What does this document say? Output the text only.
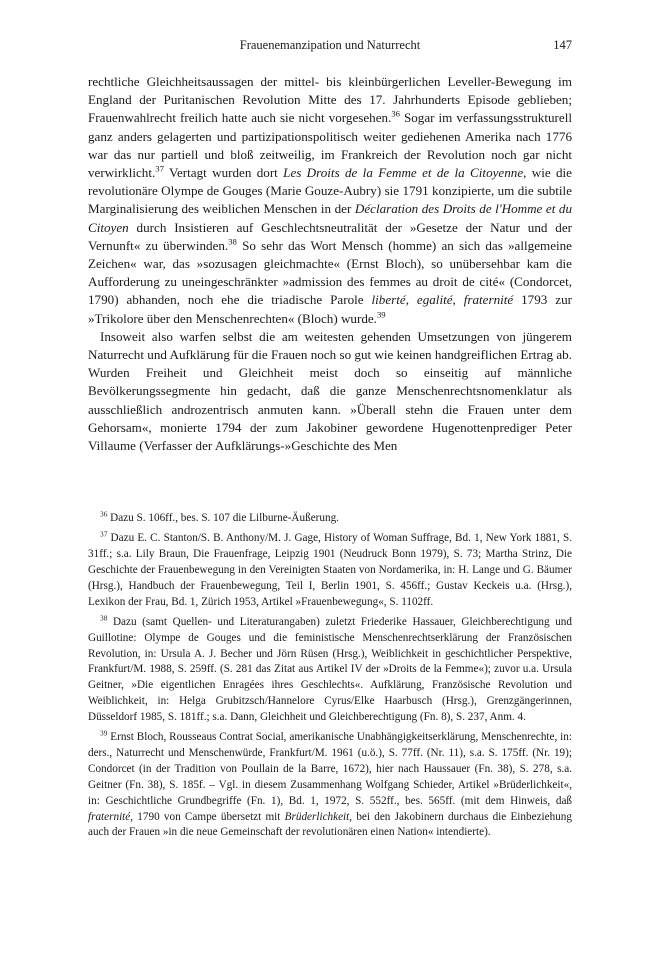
Frauenemanzipation und Naturrecht	147

rechtliche Gleichheitsaussagen der mittel- bis kleinbürgerlichen Leveller-Bewegung im England der Puritanischen Revolution Mitte des 17. Jahrhunderts Episode geblieben; Frauenwahlrecht freilich hatte auch sie nicht vorgesehen.$^{36}$ Sogar im verfassungsstrukturell ganz anders gelagerten und partizipationspolitisch weiter gediehenen Amerika nach 1776 war das nur partiell und bloß zeitweilig, im Frankreich der Revolution noch gar nicht verwirklicht.$^{37}$ Vertagt wurden dort Les Droits de la Femme et de la Citoyenne, wie die revolutionäre Olympe de Gouges (Marie Gouze-Aubry) sie 1791 konzipierte, um die subtile Marginalisierung des weiblichen Menschen in der Déclaration des Droits de l'Homme et du Citoyen durch Insistieren auf Geschlechtsneutralität der »Gesetze der Natur und der Vernunft« zu überwinden.$^{38}$ So sehr das Wort Mensch (homme) an sich das »allgemeine Zeichen« war, das »sozusagen gleichmachte« (Ernst Bloch), so unübersehbar kam die Aufforderung zu uneingeschränkter »admission des femmes au droit de cité« (Condorcet, 1790) abhanden, noch ehe die triadische Parole liberté, egalité, fraternité 1793 zur »Trikolore über den Menschenrechten« (Bloch) wurde.$^{39}$

Insoweit also warfen selbst die am weitesten gehenden Umsetzungen von jüngerem Naturrecht und Aufklärung für die Frauen noch so gut wie keinen handgreiflichen Ertrag ab. Wurden Freiheit und Gleichheit meist doch so einseitig auf männliche Bevölkerungssegmente hin gedacht, daß die ganze Menschenrechtsnomenklatur als ausschließlich androzentrisch anmuten kann. »Überall stehn die Frauen unter dem Gehorsam«, monierte 1794 der zum Jakobiner gewordene Hugenottenprediger Peter Villaume (Verfasser der Aufklärungs-»Geschichte des Men

$^{36}$ Dazu S. 106ff., bes. S. 107 die Lilburne-Äußerung.

$^{37}$ Dazu E. C. Stanton/S. B. Anthony/M. J. Gage, History of Woman Suffrage, Bd. 1, New York 1881, S. 31ff.; s.a. Lily Braun, Die Frauenfrage, Leipzig 1901 (Neudruck Bonn 1979), S. 73; Martha Strinz, Die Geschichte der Frauenbewegung in den Vereinigten Staaten von Nordamerika, in: H. Lange und G. Bäumer (Hrsg.), Handbuch der Frauenbewegung, Teil I, Berlin 1901, S. 456ff.; Gustav Keckeis u.a. (Hrsg.), Lexikon der Frau, Bd. 1, Zürich 1953, Artikel »Frauenbewegung«, S. 1102ff.

$^{38}$ Dazu (samt Quellen- und Literaturangaben) zuletzt Friederike Hassauer, Gleichberechtigung und Guillotine: Olympe de Gouges und die feministische Menschenrechtserklärung der Französischen Revolution, in: Ursula A. J. Becher und Jörn Rüsen (Hrsg.), Weiblichkeit in geschichtlicher Perspektive, Frankfurt/M. 1988, S. 259ff. (S. 281 das Zitat aus Artikel IV der »Droits de la Femme«); zuvor u.a. Ursula Geitner, »Die eigentlichen Enragées ihres Geschlechts«. Aufklärung, Französische Revolution und Weiblichkeit, in: Helga Grubitzsch/Hannelore Cyrus/Elke Haarbusch (Hrsg.), Grenzgängerinnen, Düsseldorf 1985, S. 181ff.; s.a. Dann, Gleichheit und Gleichberechtigung (Fn. 8), S. 237, Anm. 4.

$^{39}$ Ernst Bloch, Rousseaus Contrat Social, amerikanische Unabhängigkeitserklärung, Menschenrechte, in: ders., Naturrecht und Menschenwürde, Frankfurt/M. 1961 (u.ö.), S. 77ff. (Nr. 11), s.a. S. 175ff. (Nr. 19); Condorcet (in der Tradition von Poullain de la Barre, 1672), hier nach Haussauer (Fn. 38), S. 278, s.a. Geitner (Fn. 38), S. 185f. – Vgl. in diesem Zusammenhang Wolfgang Schieder, Artikel »Brüderlichkeit«, in: Geschichtliche Grundbegriffe (Fn. 1), Bd. 1, 1972, S. 552ff., bes. 565ff. (mit dem Hinweis, daß fraternité, 1790 von Campe übersetzt mit Brüderlichkeit, bei den Jakobinern durchaus die Einbeziehung auch der Frauen »in die neue Gemeinschaft der revolutionären einen Nation« intendierte).
